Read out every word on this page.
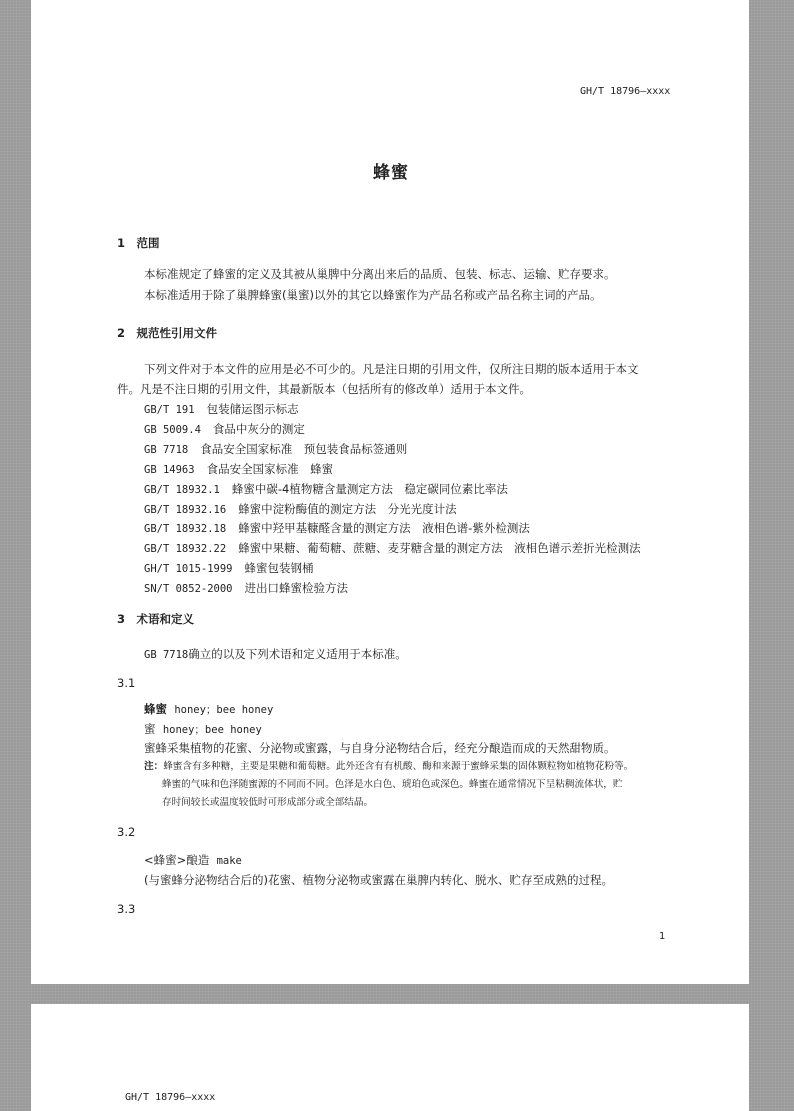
GH/T 18796—xxxx

蜂蜜
1　范围

本标准规定了蜂蜜的定义及其被从巢脾中分离出来后的品质、包装、标志、运输、贮存要求。

本标准适用于除了巢脾蜂蜜(巢蜜)以外的其它以蜂蜜作为产品名称或产品名称主词的产品。

2　规范性引用文件

下列文件对于本文件的应用是必不可少的。凡是注日期的引用文件，仅所注日期的版本适用于本文

件。凡是不注日期的引用文件，其最新版本（包括所有的修改单）适用于本文件。

GB/T 191 包装储运图示标志
GB 5009.4 食品中灰分的测定
GB 7718 食品安全国家标准　预包装食品标签通则
GB 14963 食品安全国家标准　蜂蜜
GB/T 18932.1 蜂蜜中碳-4植物糖含量测定方法　稳定碳同位素比率法
GB/T 18932.16 蜂蜜中淀粉酶值的测定方法　分光光度计法
GB/T 18932.18 蜂蜜中羟甲基糠醛含量的测定方法　液相色谱-紫外检测法
GB/T 18932.22 蜂蜜中果糖、葡萄糖、蔗糖、麦芽糖含量的测定方法　液相色谱示差折光检测法
GH/T 1015-1999 蜂蜜包装钢桶
SN/T 0852-2000 进出口蜂蜜检验方法
3　术语和定义

GB 7718确立的以及下列术语和定义适用于本标准。

3.1

蜂蜜 honey；bee honey

蜜 honey；bee honey

蜜蜂采集植物的花蜜、分泌物或蜜露，与自身分泌物结合后，经充分酿造而成的天然甜物质。

注：蜂蜜含有多种糖，主要是果糖和葡萄糖。此外还含有有机酸、酶和来源于蜜蜂采集的固体颗粒物如植物花粉等。

蜂蜜的气味和色泽随蜜源的不同而不同。色泽是水白色、琥珀色或深色。蜂蜜在通常情况下呈粘稠流体状，贮

存时间较长或温度较低时可形成部分或全部结晶。

3.2

<蜂蜜>酿造 make

(与蜜蜂分泌物结合后的)花蜜、植物分泌物或蜜露在巢脾内转化、脱水、贮存至成熟的过程。

3.3

1

GH/T 18796—xxxx
